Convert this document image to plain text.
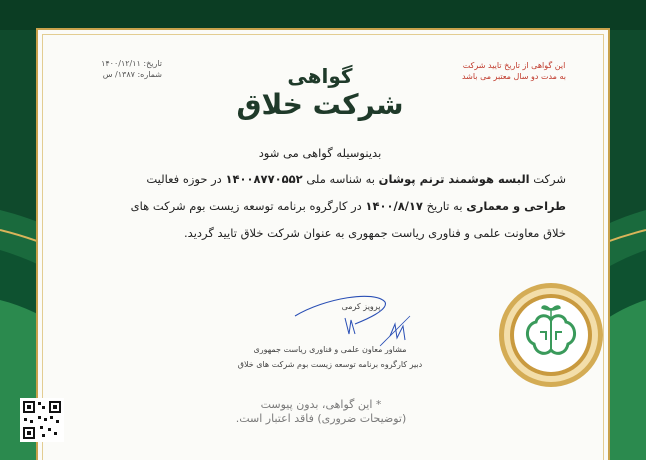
تاریخ: ۱۴۰۰/۱۲/۱۱
شماره: ۱۳۸۷/ س
این گواهی از تاریخ تایید شرکت
به مدت دو سال معتبر می باشد
گواهی
شرکت خلاق
بدینوسیله گواهی می شود
شرکت البسه هوشمند ترنم پوشان به شناسه ملی ۱۴۰۰۸۷۷۰۵۵۲ در حوزه فعالیت
طراحی و معماری به تاریخ ۱۴۰۰/۸/۱۷ در کارگروه برنامه توسعه زیست بوم شرکت های
خلاق معاونت علمی و فناوری ریاست جمهوری به عنوان شرکت خلاق تایید گردید.
پرویز کرمی
مشاور معاون علمی و فناوری ریاست جمهوری
دبیر کارگروه برنامه توسعه زیست بوم شرکت های خلاق
* این گواهی، بدون پیوست
(توضیحات ضروری) فاقد اعتبار است.
